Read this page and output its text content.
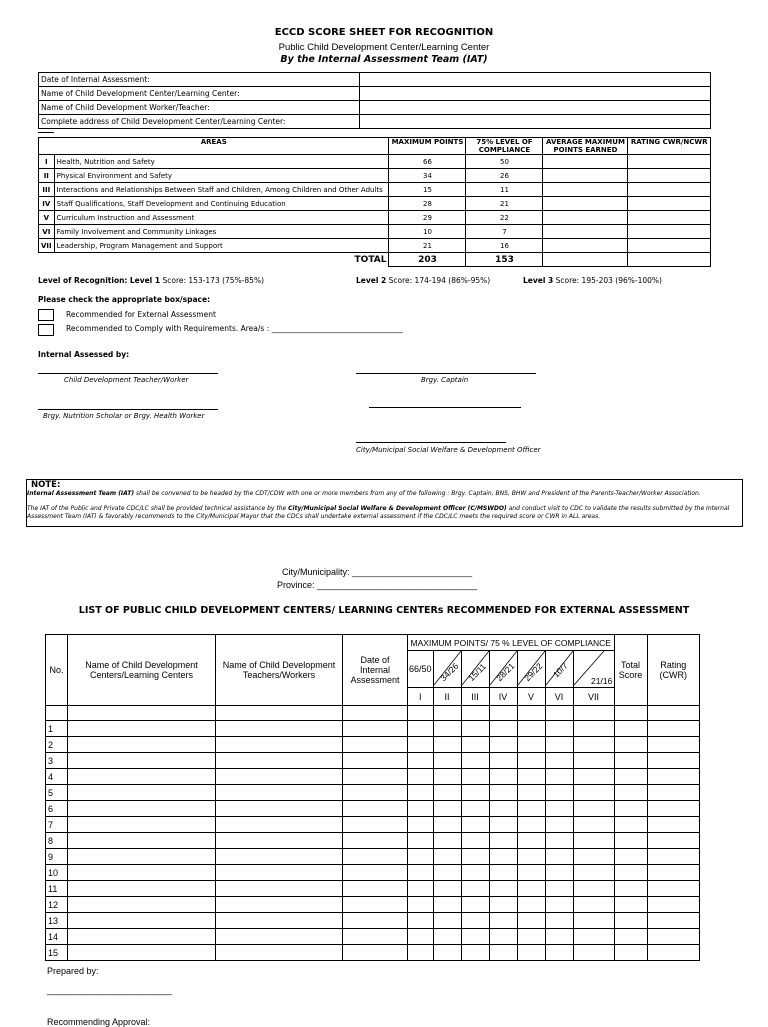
ECCD SCORE SHEET FOR RECOGNITION
Public Child Development Center/Learning Center
By the Internal Assessment Team (IAT)
Date of Internal Assessment:	
Name of Child Development Center/Learning Center:	
Name of Child Development Worker/Teacher:	
Complete address of Child Development Center/Learning Center:	
AREAS		MAXIMUM POINTS	75% LEVEL OF COMPLIANCE	AVERAGE MAXIMUM POINTS EARNED	RATING CWR/NCWR
I	Health, Nutrition and Safety	66	50		
II	Physical Environment and Safety	34	26		
III	Interactions and Relationships Between Staff and Children, Among Children and Other Adults	15	11		
IV	Staff Qualifications, Staff Development and Continuing Education	28	21		
V	Curriculum Instruction and Assessment	29	22		
VI	Family Involvement and Community Linkages	10	7		
VII	Leadership, Program Management and Support	21	16		
TOTAL		203	153		
Level of Recognition: Level 1 Score: 153-173 (75%-85%)	Level 2 Score: 174-194 (86%-95%)	Level 3 Score: 195-203 (96%-100%)
Please check the appropriate box/space:
Recommended for External Assessment
Recommended to Comply with Requirements. Area/s : ___________________________________
Internal Assessed by:
Child Development Teacher/Worker	Brgy. Captain
Brgy. Nutrition Scholar or Brgy. Health Worker
City/Municipal Social Welfare & Development Officer
NOTE:
Internal Assessment Team (IAT) shall be convened to be headed by the CDT/CDW with one or more members from any of the following : Brgy. Captain, BNS, BHW and President of the Parents-Teacher/Worker Association.
The IAT of the Public and Private CDC/LC shall be provided technical assistance by the City/Municipal Social Welfare & Development Officer (C/MSWDO) and conduct visit to CDC to validate the results submitted by the Internal Assessment Team (IAT) & favorably recommends to the City/Municipal Mayor that the CDCs shall undertake external assessment if the CDC/LC meets the required score or CWR in ALL areas.
City/Municipality: ________________________
Province: ________________________________
LIST OF PUBLIC CHILD DEVELOPMENT CENTERS/ LEARNING CENTERs RECOMMENDED FOR EXTERNAL ASSESSMENT
No.	Name of Child Development Centers/Learning Centers	Name of Child Development Teachers/Workers	Date of Internal Assessment	MAXIMUM POINTS/ 75 % LEVEL OF COMPLIANCE							Total Score	Rating (CWR)
				66/50	34/26	15/11	28/21	29/22	10/7	21/16		

				I	II	III	IV	V	VI	VII		

1												
2												
3												
4												
5												
6												
7												
8												
9												
10												
11												
12												
13												
14												
15												
Prepared by:
_________________________
Recommending Approval:
